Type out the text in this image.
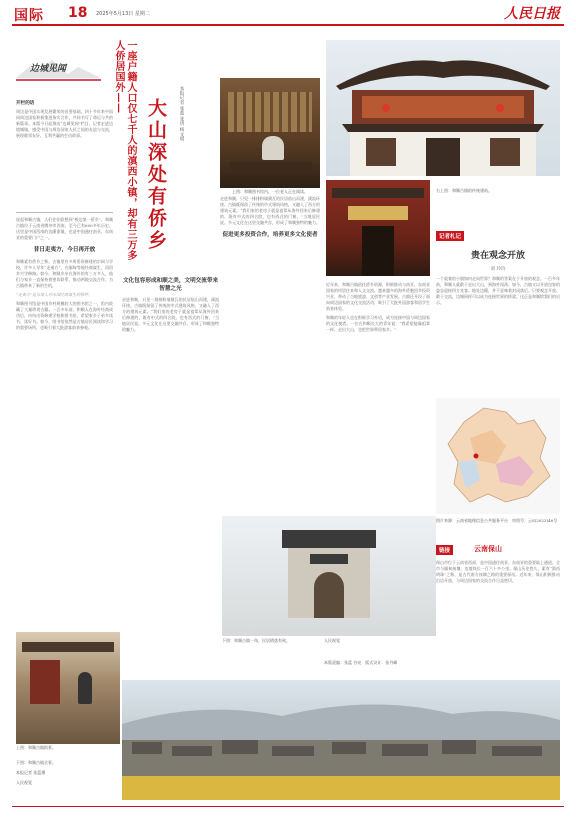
国际 18 2025年5月13日 星期二	人民日报
边城见闻

开栏的话

周边是中国实现发展繁荣的首要基础。四十多年来中国同周边国家积极推进务实合作，共同书写了命运与共的新篇章。本版今日起推出“边城见闻”栏目，记者走进边境城镇，感受中国与周边国家人民之间的友谊与交流，展现睦邻友好、互利共赢的生动故事。

说起和顺古镇，人们往往联想到“极边第一侨乡”。和顺古镇位于云南省腾冲市西南，至今已有600多年历史。这里是中国西南的边陲重镇，也是中国通往南亚、东南亚的重要门户之一。

昔日走夷方，今日再开放

和顺素有侨乡之称。古镇里有多所侨资修建的宗祠与学校，许多人早年“走夷方”，在缅甸等地经商谋生，再回乡兴学修路。如今，和顺乡亲在海外的有三万多人，他们与家乡一直保持着密切联系，推动两地交流合作，为古镇带来了新的生机。

“走夷方”是当地人对出国经商谋生的称呼。

和顺图书馆是中国乡村规模较大的图书馆之一，馆内收藏了大量珍贵古籍。一百多年前，和顺人在海外经商成功后，纷纷出资修建学校和图书馆，希望家乡子弟多读书、读好书。如今，图书馆依然是古镇居民阅读和学习的重要场所，也吸引着大批游客前来参观。

一座户籍人口仅七千人的滇西小镇，却有三万多人侨居国外——
大山深处有侨乡	本报记者 张蓝 张玥 杨文明

文化包容形成和顺之美，文明交流带来智慧之光

走进和顺，只见一排排粉墙黛瓦的民居依山而建，溪流环绕。古镇既保留了传统的中式建筑风格，又融入了西方的建筑元素。“我们家的老房子就是祖辈从海外回来后修建的，既有中式的四合院，也有西式的门窗。”当地居民说。多元文化在这里交融共存，形成了和顺独特的魅力。

走进和顺，只见一排排粉墙黛瓦的民居依山而建，溪流环绕。古镇既保留了传统的中式建筑风格，又融入了西方的建筑元素。“我们家的老房子就是祖辈从海外回来后修建的，既有中式的四合院，也有西式的门窗。”当地居民说。多元文化在这里交融共存，形成了和顺独特的魅力。

促进更多投资合作，培养更多文化使者

近年来，和顺古镇依托侨乡资源，积极推动与南亚、东南亚国家的经贸往来和人文交流。越来越多的海外侨胞回乡投资兴业，带动了当地旅游、文创等产业发展。古镇还开设了面向周边国家的文化交流活动，吸引了大批外国游客和留学生前来体验。

和顺的年轻人也在积极学习外语，成为连接中国与周边国家的文化使者。一位在和顺长大的青年说：“我希望能像祖辈一样，走出大山，也把世界带回家乡。”

上图：和顺图书馆内，一位老人正在阅读。	右上图：和顺古镇的传统建筑。
记者札记
贵在观念开放
刘 玲玲

一个寂寞的小镇如何走向世界？和顺的答案在于开放的观念。一百多年前，和顺人就敢于走出大山，到海外闯荡；如今，古镇又以开放包容的姿态迎接四方宾客。地处边陲，并不意味着封闭落后。只要观念开放、敢于交流，边城同样可以成为连接世界的桥梁。这正是和顺给我们的启示。

图片来源：云南省地理信息公共服务平台　审图号：云S(2023)46号
链接	云南保山

保山市位于云南省西部，是中国通往南亚、东南亚的重要陆上通道。全市与缅甸接壤，边境线长一百六十多公里。保山历史悠久，素有“滇西明珠”之称，是古代南方丝绸之路的重要驿站。近年来，保山积极推动沿边开放，与周边国家的交流合作日益密切。

上图：和顺古镇街景。
下图：和顺古镇一角，民居错落有致。	人民视觉
本版责编：张蓝 谷亮　版式设计：张丹峰
下图：和顺古镇全景。
本报记者 张蓝摄
人民视觉
